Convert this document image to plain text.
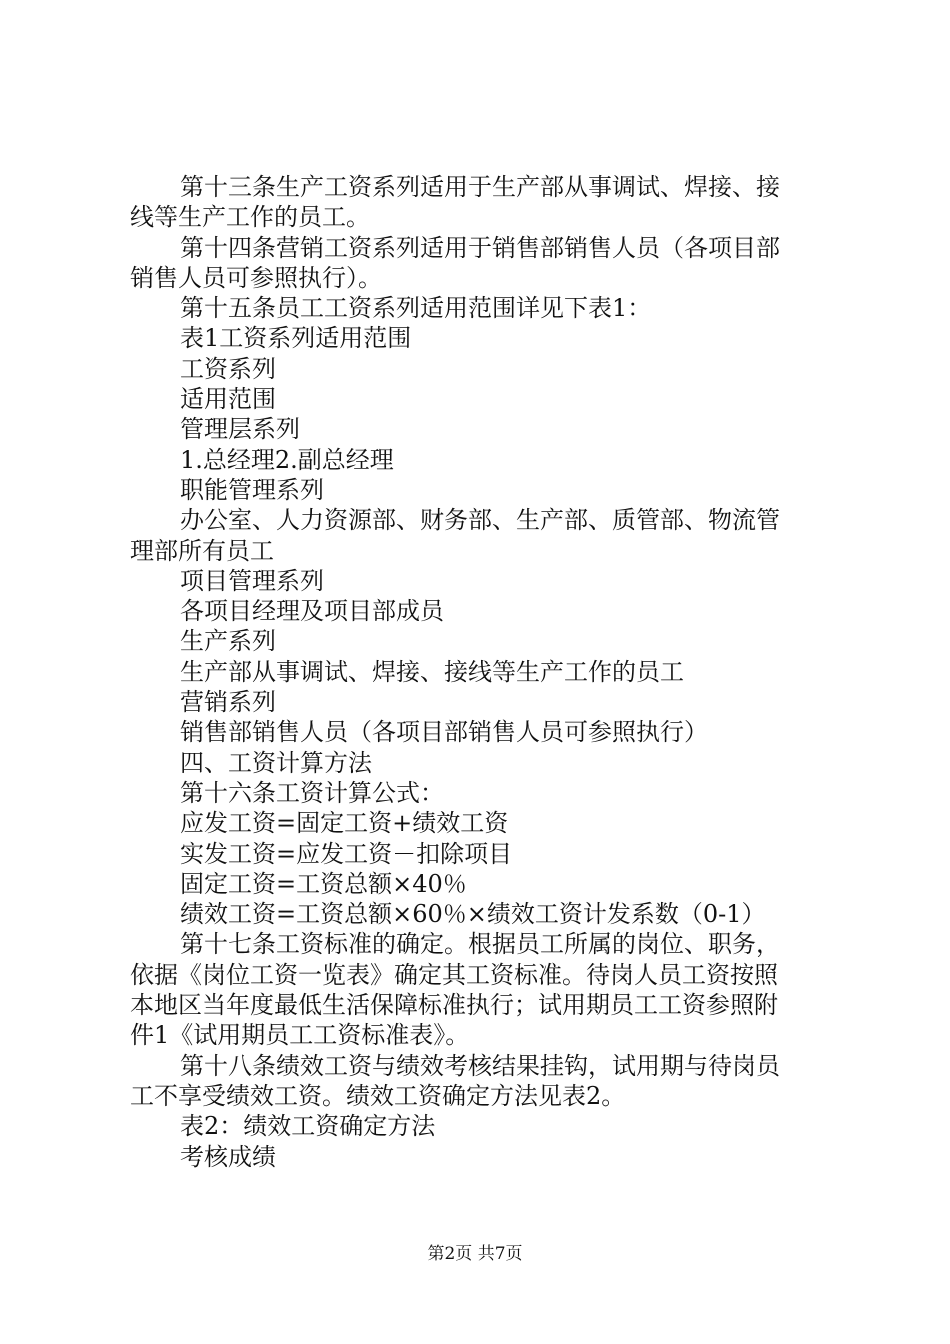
第十三条生产工资系列适用于生产部从事调试、焊接、接
线等生产工作的员工。
第十四条营销工资系列适用于销售部销售人员（各项目部
销售人员可参照执行）。
第十五条员工工资系列适用范围详见下表1：
表1工资系列适用范围
工资系列
适用范围
管理层系列
1.总经理2.副总经理
职能管理系列
办公室、人力资源部、财务部、生产部、质管部、物流管
理部所有员工
项目管理系列
各项目经理及项目部成员
生产系列
生产部从事调试、焊接、接线等生产工作的员工
营销系列
销售部销售人员（各项目部销售人员可参照执行）
四、工资计算方法
第十六条工资计算公式：
应发工资=固定工资+绩效工资
实发工资=应发工资－扣除项目
固定工资=工资总额×40％
绩效工资=工资总额×60％×绩效工资计发系数（0-1）
第十七条工资标准的确定。根据员工所属的岗位、职务，
依据《岗位工资一览表》确定其工资标准。待岗人员工资按照
本地区当年度最低生活保障标准执行；试用期员工工资参照附
件1《试用期员工工资标准表》。
第十八条绩效工资与绩效考核结果挂钩，试用期与待岗员
工不享受绩效工资。绩效工资确定方法见表2。
表2：绩效工资确定方法
考核成绩
第2页 共7页
